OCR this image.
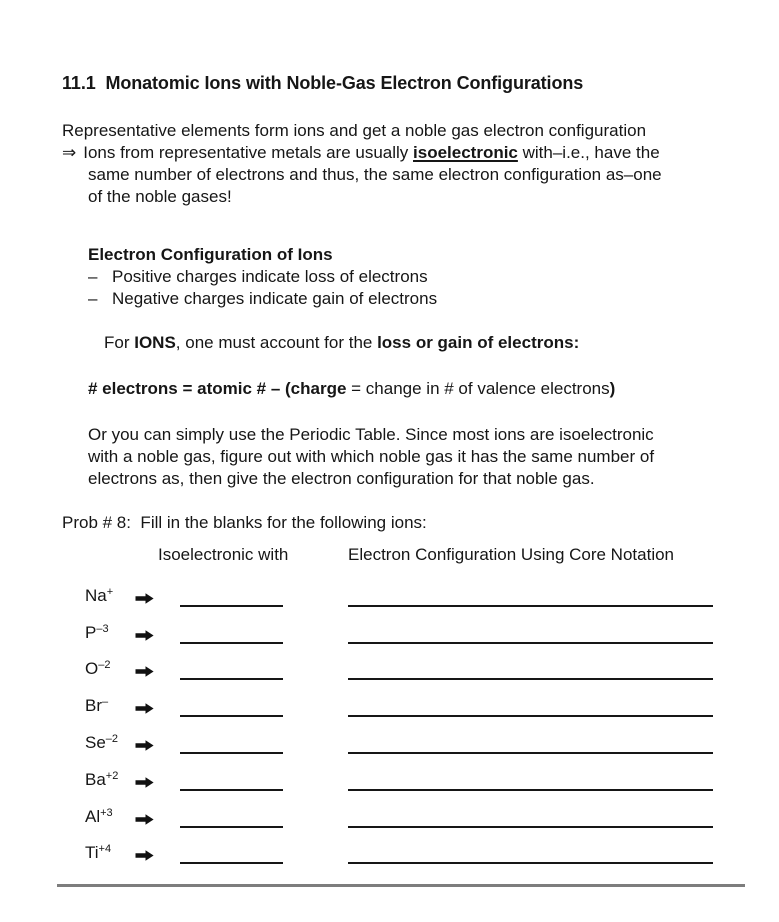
11.1  Monatomic Ions with Noble-Gas Electron Configurations
Representative elements form ions and get a noble gas electron configuration
⇒ Ions from representative metals are usually isoelectronic with–i.e., have the
same number of electrons and thus, the same electron configuration as–one
of the noble gases!
Electron Configuration of Ions
– Positive charges indicate loss of electrons
– Negative charges indicate gain of electrons
For IONS, one must account for the loss or gain of electrons:
# electrons = atomic # – (charge = change in # of valence electrons)
Or you can simply use the Periodic Table. Since most ions are isoelectronic
with a noble gas, figure out with which noble gas it has the same number of
electrons as, then give the electron configuration for that noble gas.
Prob # 8:  Fill in the blanks for the following ions:
Isoelectronic with	Electron Configuration Using Core Notation
Na+
$P^{-3}$
$O^{-2}$
Br–
$Se^{-2}$
$Ba^{+2}$
$Al^{+3}$
$Ti^{+4}$
